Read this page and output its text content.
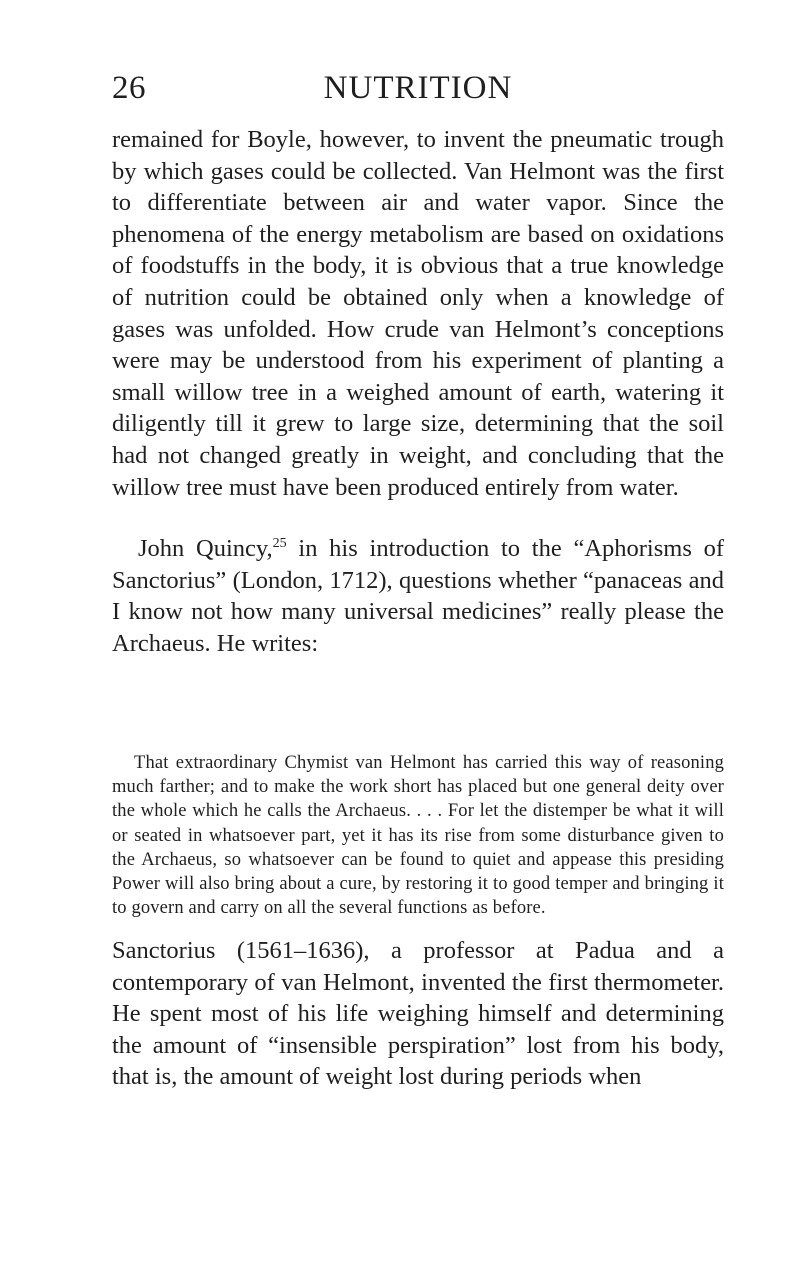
26	NUTRITION

remained for Boyle, however, to invent the pneumatic trough by which gases could be collected. Van Helmont was the first to differentiate between air and water vapor. Since the phenomena of the energy metabolism are based on oxidations of foodstuffs in the body, it is obvious that a true knowledge of nutrition could be obtained only when a knowledge of gases was unfolded. How crude van Helmont’s conceptions were may be understood from his experiment of planting a small willow tree in a weighed amount of earth, watering it diligently till it grew to large size, determining that the soil had not changed greatly in weight, and concluding that the willow tree must have been produced entirely from water.

John Quincy,$^{25}$ in his introduction to the “Aphorisms of Sanctorius” (London, 1712), questions whether “panaceas and I know not how many universal medicines” really please the Archaeus. He writes:

That extraordinary Chymist van Helmont has carried this way of reasoning much farther; and to make the work short has placed but one general deity over the whole which he calls the Archaeus. . . . For let the distemper be what it will or seated in whatsoever part, yet it has its rise from some disturbance given to the Archaeus, so whatsoever can be found to quiet and appease this presiding Power will also bring about a cure, by restoring it to good temper and bringing it to govern and carry on all the several functions as before.

Sanctorius (1561–1636), a professor at Padua and a contemporary of van Helmont, invented the first thermometer. He spent most of his life weighing himself and determining the amount of “insensible perspiration” lost from his body, that is, the amount of weight lost during periods when
